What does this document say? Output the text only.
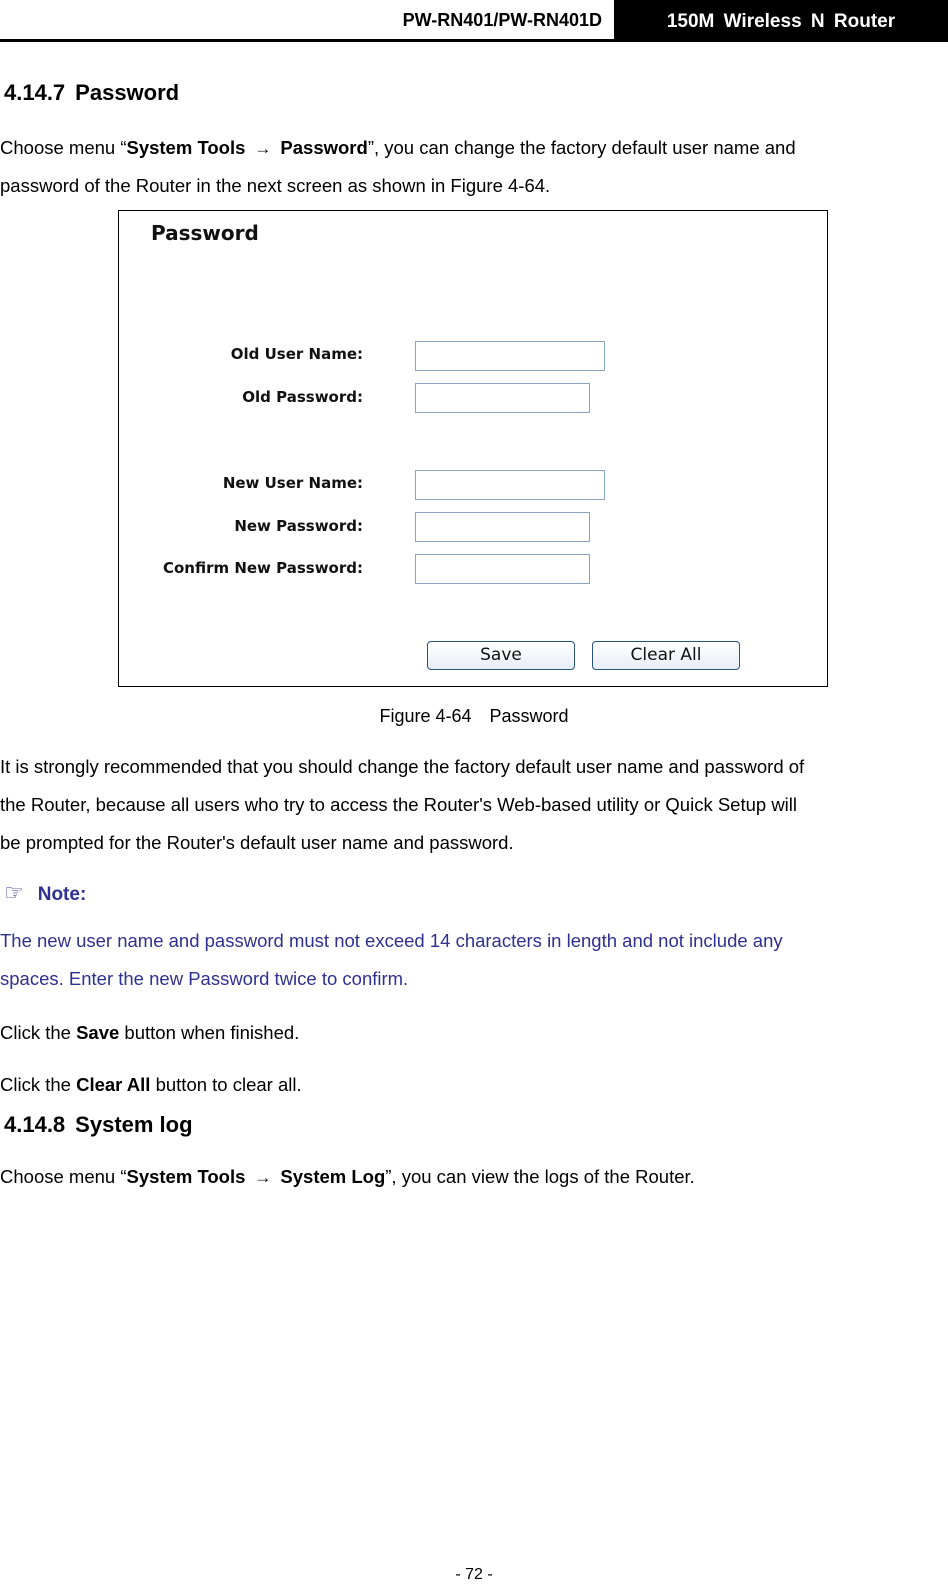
PW-RN401/PW-RN401D	150M Wireless N Router
4.14.7 Password
Choose menu “System Tools → Password”, you can change the factory default user name and
password of the Router in the next screen as shown in Figure 4-64.
Password
Old User Name:
Old Password:
New User Name:
New Password:
Confirm New Password:
Save	Clear All
Figure 4-64 Password
It is strongly recommended that you should change the factory default user name and password of
the Router, because all users who try to access the Router's Web-based utility or Quick Setup will
be prompted for the Router's default user name and password.
☞ Note:
The new user name and password must not exceed 14 characters in length and not include any
spaces. Enter the new Password twice to confirm.
Click the Save button when finished.
Click the Clear All button to clear all.
4.14.8 System log
Choose menu “System Tools → System Log”, you can view the logs of the Router.
- 72 -
